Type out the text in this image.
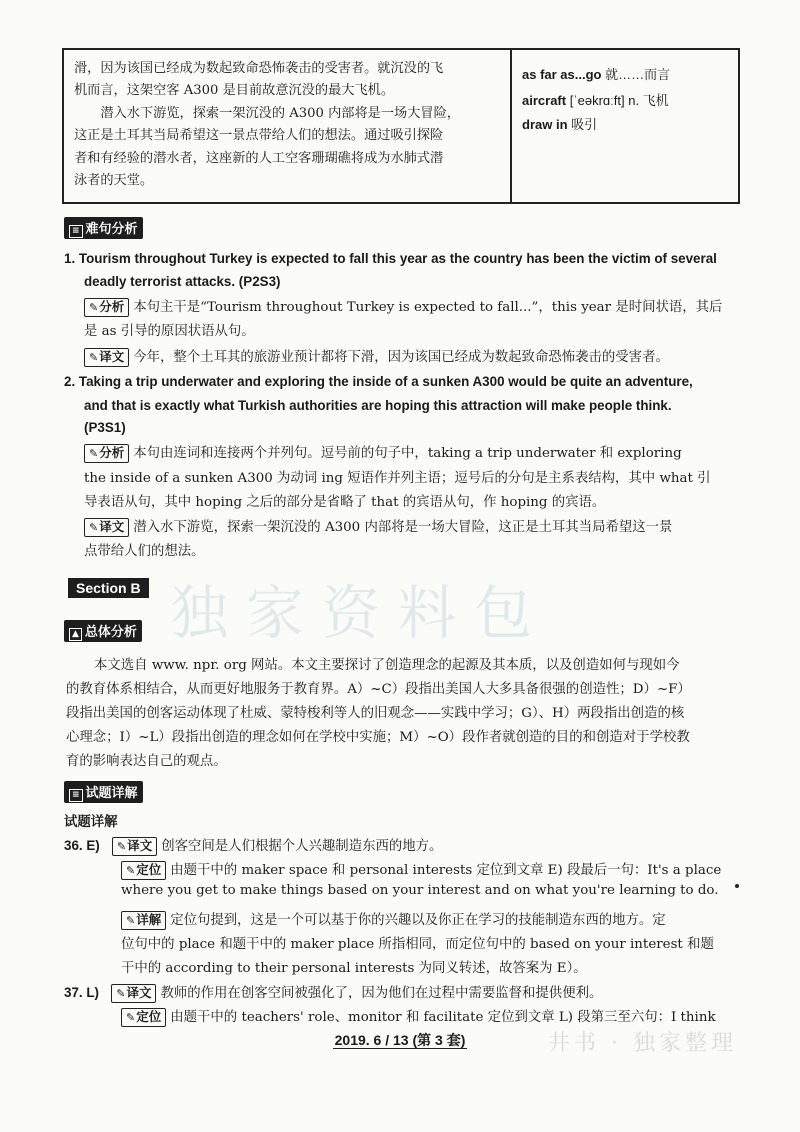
独家资料包
井书 · 独家整理

滑，因为该国已经成为数起致命恐怖袭击的受害者。就沉没的飞

机而言，这架空客 A300 是目前故意沉没的最大飞机。

潜入水下游览，探索一架沉没的 A300 内部将是一场大冒险，

这正是土耳其当局希望这一景点带给人们的想法。通过吸引探险

者和有经验的潜水者，这座新的人工空客珊瑚礁将成为水肺式潜

泳者的天堂。

as far as...go 就……而言
aircraft [ˈeəkrɑːft] n. 飞机
draw in 吸引
≡ 难句分析
1. Tourism throughout Turkey is expected to fall this year as the country has been the victim of several
deadly terrorist attacks. (P2S3)
✎分析 本句主干是“Tourism throughout Turkey is expected to fall...”，this year 是时间状语，其后
是 as 引导的原因状语从句。
✎译文 今年，整个土耳其的旅游业预计都将下滑，因为该国已经成为数起致命恐怖袭击的受害者。
2. Taking a trip underwater and exploring the inside of a sunken A300 would be quite an adventure,
and that is exactly what Turkish authorities are hoping this attraction will make people think.
(P3S1)
✎分析 本句由连词和连接两个并列句。逗号前的句子中，taking a trip underwater 和 exploring
the inside of a sunken A300 为动词 ing 短语作并列主语；逗号后的分句是主系表结构，其中 what 引
导表语从句，其中 hoping 之后的部分是省略了 that 的宾语从句，作 hoping 的宾语。
✎译文 潜入水下游览，探索一架沉没的 A300 内部将是一场大冒险，这正是土耳其当局希望这一景
点带给人们的想法。
Section B
▲ 总体分析
本文选自 www. npr. org 网站。本文主要探讨了创造理念的起源及其本质，以及创造如何与现如今
的教育体系相结合，从而更好地服务于教育界。A）~C）段指出美国人大多具备很强的创造性；D）~F）
段指出美国的创客运动体现了杜威、蒙特梭利等人的旧观念——实践中学习；G）、H）两段指出创造的核
心理念；I）~L）段指出创造的理念如何在学校中实施；M）~O）段作者就创造的目的和创造对于学校教
育的影响表达自己的观点。
≡ 试题详解
试题详解
36. E) ✎译文 创客空间是人们根据个人兴趣制造东西的地方。
✎定位 由题干中的 maker space 和 personal interests 定位到文章 E) 段最后一句：It's a place
where you get to make things based on your interest and on what you're learning to do.
✎详解 定位句提到，这是一个可以基于你的兴趣以及你正在学习的技能制造东西的地方。定
位句中的 place 和题干中的 maker place 所指相同，而定位句中的 based on your interest 和题
干中的 according to their personal interests 为同义转述，故答案为 E）。
37. L) ✎译文 教师的作用在创客空间被强化了，因为他们在过程中需要监督和提供便利。
✎定位 由题干中的 teachers' role、monitor 和 facilitate 定位到文章 L) 段第三至六句：I think
2019. 6 / 13 (第 3 套)
